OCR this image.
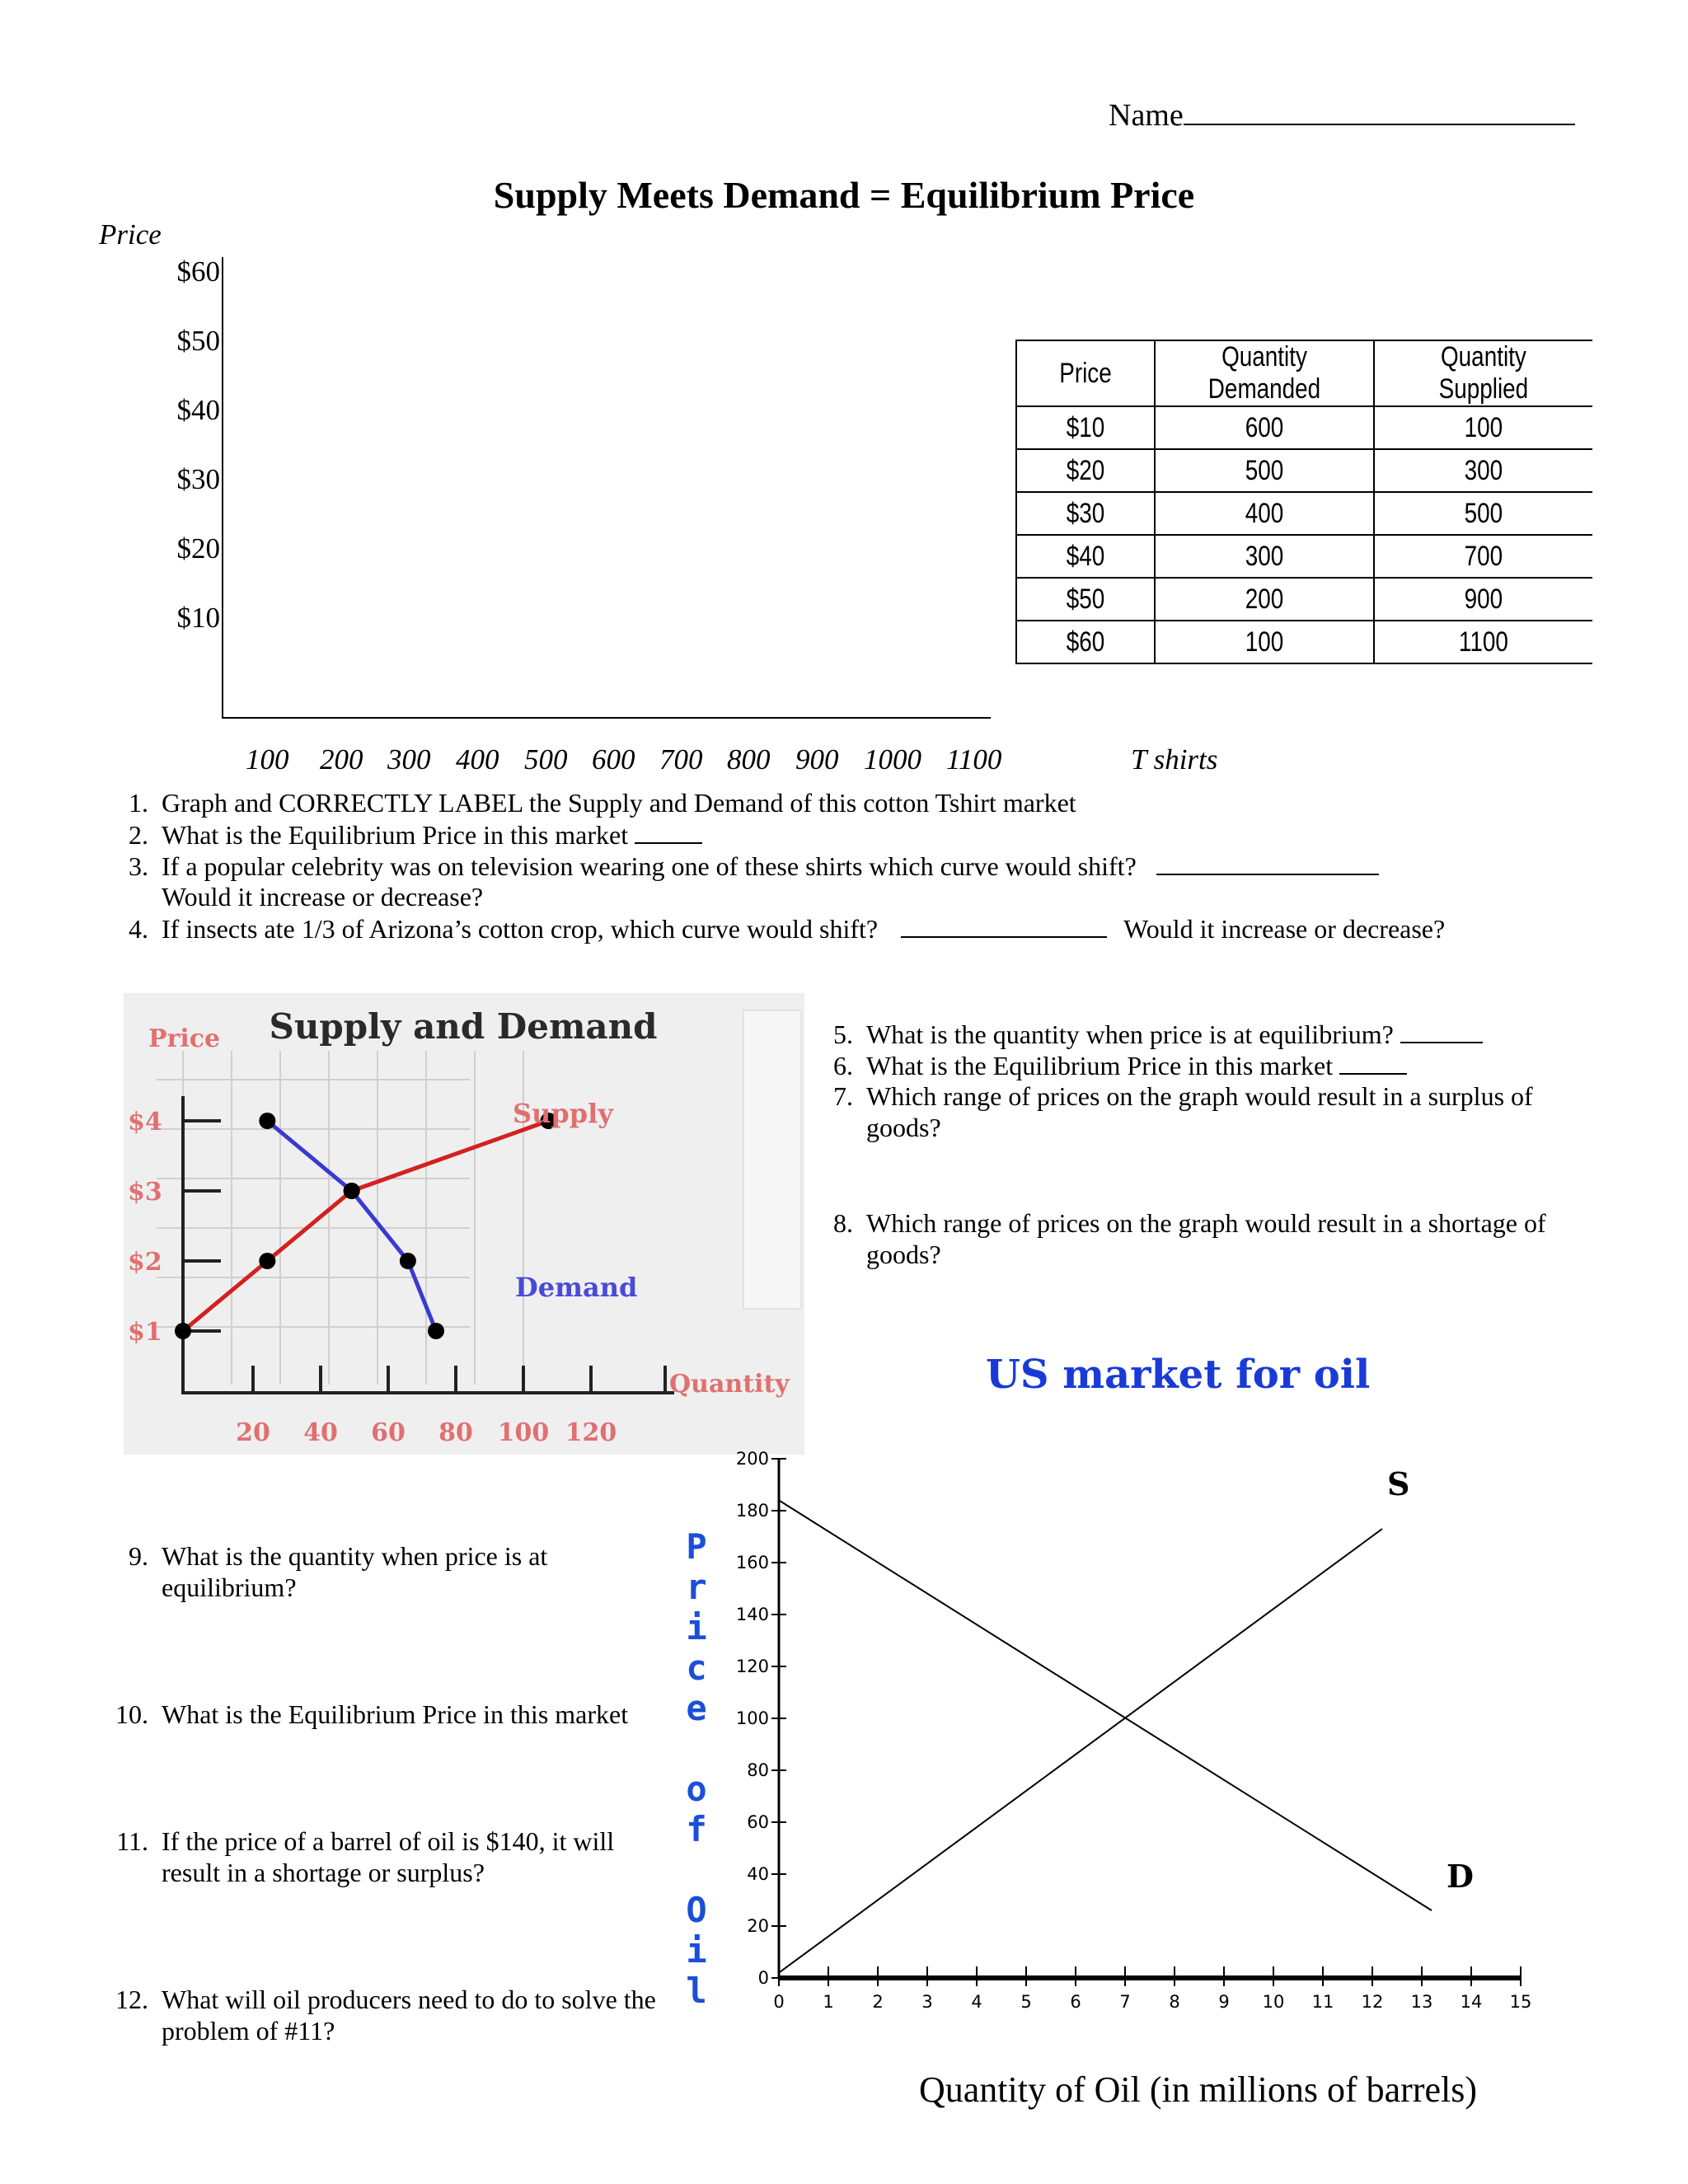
Name
Supply Meets Demand = Equilibrium Price
Price
$60
$50
$40
$30
$20
$10
100 200 300 400 500 600 700 800 900 1000 1100	T shirts
Price	Quantity Demanded	Quantity Supplied
$10	600	100
$20	500	300
$30	400	500
$40	300	700
$50	200	900
$60	100	1100
1. Graph and CORRECTLY LABEL the Supply and Demand of this cotton Tshirt market
2. What is the Equilibrium Price in this market
3. If a popular celebrity was on television wearing one of these shirts which curve would shift?
Would it increase or decrease?
4. If insects ate 1/3 of Arizona’s cotton crop, which curve would shift?	Would it increase or decrease?
$4
$3
$2
$1
20 40 60 80 100 120
Supply and Demand
Price
Quantity
Supply
Demand
5. What is the quantity when price is at equilibrium?
6. What is the Equilibrium Price in this market
7. Which range of prices on the graph would result in a surplus of
goods?
8. Which range of prices on the graph would result in a shortage of
goods?
US market for oil
P
r
i
c
e

o
f

O
i
l	0
20
40
60
80
100
120
140
160
180
200
0 1 2 3 4 5 6 7 8 9 10 11 12 13 14 15
S
D
Quantity of Oil (in millions of barrels)
9. What is the quantity when price is at
equilibrium?
10. What is the Equilibrium Price in this market
11. If the price of a barrel of oil is $140, it will
result in a shortage or surplus?
12. What will oil producers need to do to solve the
problem of #11?
